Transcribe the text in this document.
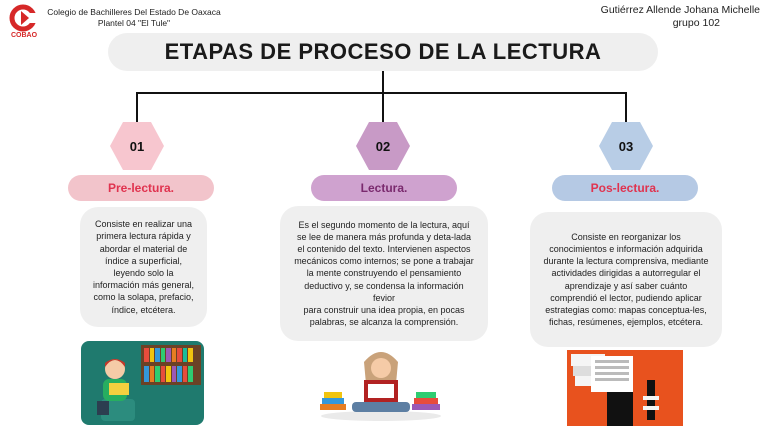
COBAO
Colegio de Bachilleres Del Estado De Oaxaca
Plantel 04 "El Tule"
Gutiérrez Allende Johana Michelle
grupo 102
ETAPAS DE PROCESO DE LA LECTURA
01
Pre-lectura.

Consiste en realizar una
primera lectura rápida y
abordar el material de
índice a superficial,
leyendo solo la
información más general,
como la solapa, prefacio,
índice, etcétera.

02
Lectura.

Es el segundo momento de la lectura, aquí
se lee de manera más profunda y deta-lada
el contenido del texto. Intervienen aspectos
mecánicos como internos; se pone a trabajar
la mente construyendo el pensamiento
deductivo y, se condensa la información
fevior
para construir una idea propia, en pocas
palabras, se alcanza la comprensión.

03
Pos-lectura.

Consiste en reorganizar los
conocimientos e información adquirida
durante la lectura comprensiva, mediante
actividades dirigidas a autorregular el
aprendizaje y así saber cuánto
comprendió el lector, pudiendo aplicar
estrategias como: mapas conceptua-les,
fichas, resúmenes, ejemplos, etcétera.
